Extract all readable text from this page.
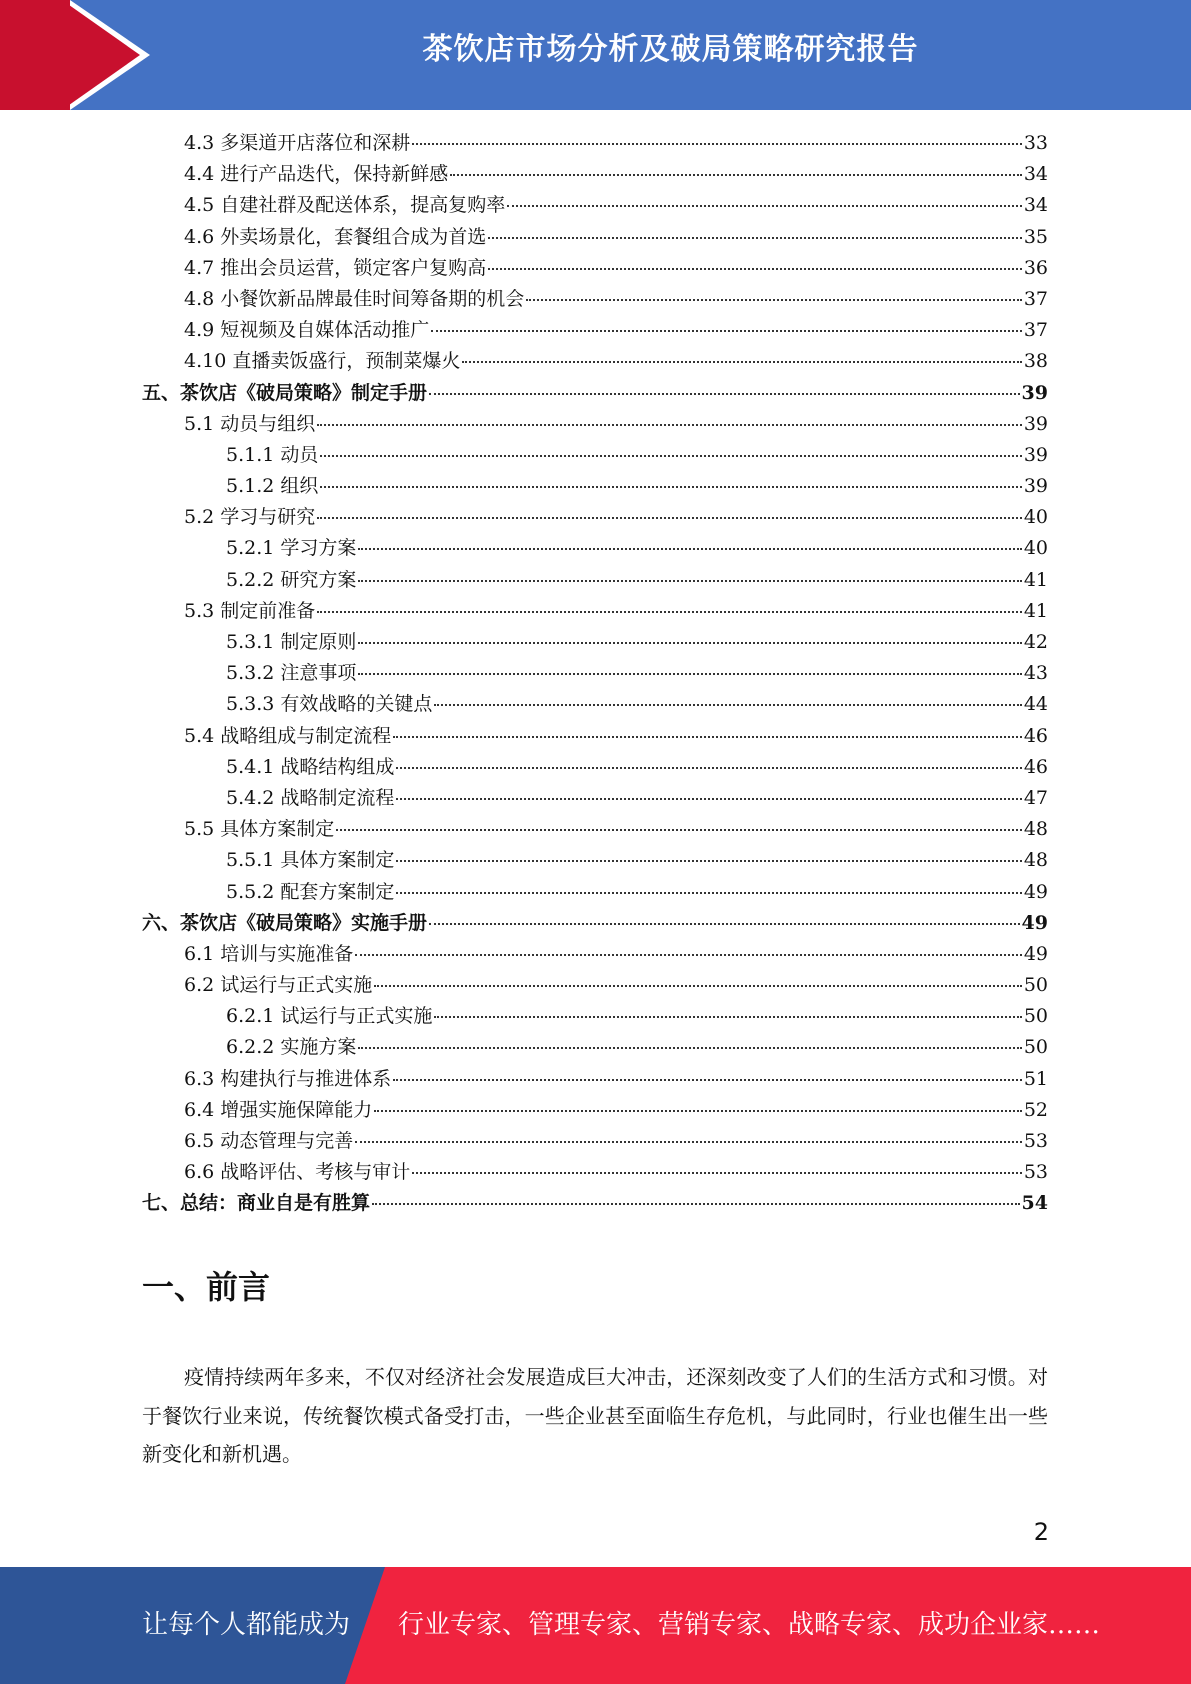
茶饮店市场分析及破局策略研究报告
4.3 多渠道开店落位和深耕	33
4.4 进行产品迭代，保持新鲜感	34
4.5 自建社群及配送体系，提高复购率	34
4.6 外卖场景化，套餐组合成为首选	35
4.7 推出会员运营，锁定客户复购高	36
4.8 小餐饮新品牌最佳时间筹备期的机会	37
4.9 短视频及自媒体活动推广	37
4.10 直播卖饭盛行，预制菜爆火	38
五、茶饮店《破局策略》制定手册	39
5.1 动员与组织	39
5.1.1 动员	39
5.1.2 组织	39
5.2 学习与研究	40
5.2.1 学习方案	40
5.2.2 研究方案	41
5.3 制定前准备	41
5.3.1 制定原则	42
5.3.2 注意事项	43
5.3.3 有效战略的关键点	44
5.4 战略组成与制定流程	46
5.4.1 战略结构组成	46
5.4.2 战略制定流程	47
5.5 具体方案制定	48
5.5.1 具体方案制定	48
5.5.2 配套方案制定	49
六、茶饮店《破局策略》实施手册	49
6.1 培训与实施准备	49
6.2 试运行与正式实施	50
6.2.1 试运行与正式实施	50
6.2.2 实施方案	50
6.3 构建执行与推进体系	51
6.4 增强实施保障能力	52
6.5 动态管理与完善	53
6.6 战略评估、考核与审计	53
七、总结：商业自是有胜算	54
一、前言
疫情持续两年多来，不仅对经济社会发展造成巨大冲击，还深刻改变了人们的生活方式和习惯。对于餐饮行业来说，传统餐饮模式备受打击，一些企业甚至面临生存危机，与此同时，行业也催生出一些新变化和新机遇。
2
让每个人都能成为 行业专家、管理专家、营销专家、战略专家、成功企业家……
